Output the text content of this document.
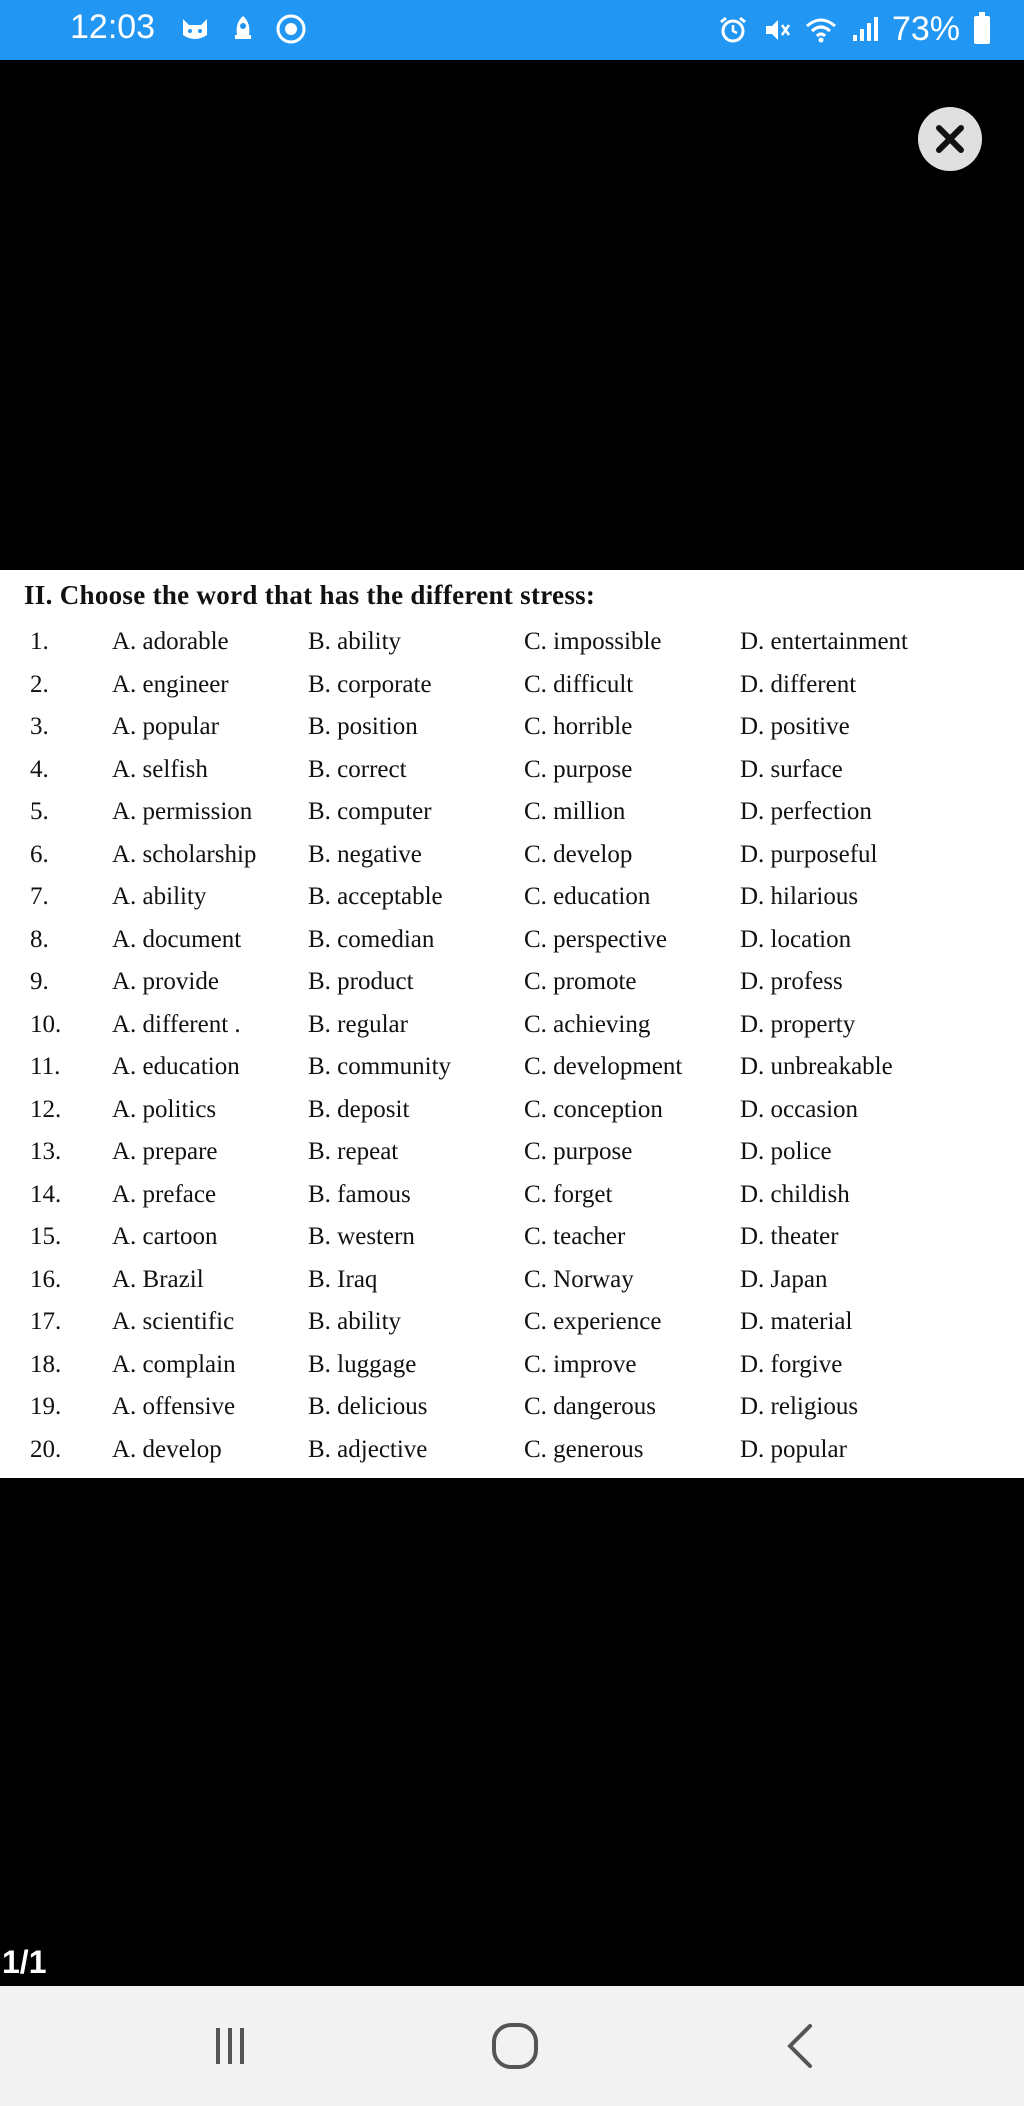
12:03	73%
II. Choose the word that has the different stress:
1.	A. adorable	B. ability	C. impossible	D. entertainment
2.	A. engineer	B. corporate	C. difficult	D. different
3.	A. popular	B. position	C. horrible	D. positive
4.	A. selfish	B. correct	C. purpose	D. surface
5.	A. permission B. computer	C. million	D. perfection
6.	A. scholarship B. negative	C. develop	D. purposeful
7.	A. ability	B. acceptable	C. education	D. hilarious
8.	A. document	B. comedian	C. perspective	D. location
9.	A. provide	B. product	C. promote	D. profess
10. A. different .	B. regular	C. achieving	D. property
11. A. education	B. community	C. development D. unbreakable
12. A. politics	B. deposit	C. conception	D. occasion
13. A. prepare	B. repeat	C. purpose	D. police
14. A. preface	B. famous	C. forget	D. childish
15. A. cartoon	B. western	C. teacher	D. theater
16. A. Brazil	B. Iraq	C. Norway	D. Japan
17. A. scientific	B. ability	C. experience	D. material
18. A. complain	B. luggage	C. improve	D. forgive
19. A. offensive	B. delicious	C. dangerous	D. religious
20. A. develop	B. adjective	C. generous	D. popular
1/1
